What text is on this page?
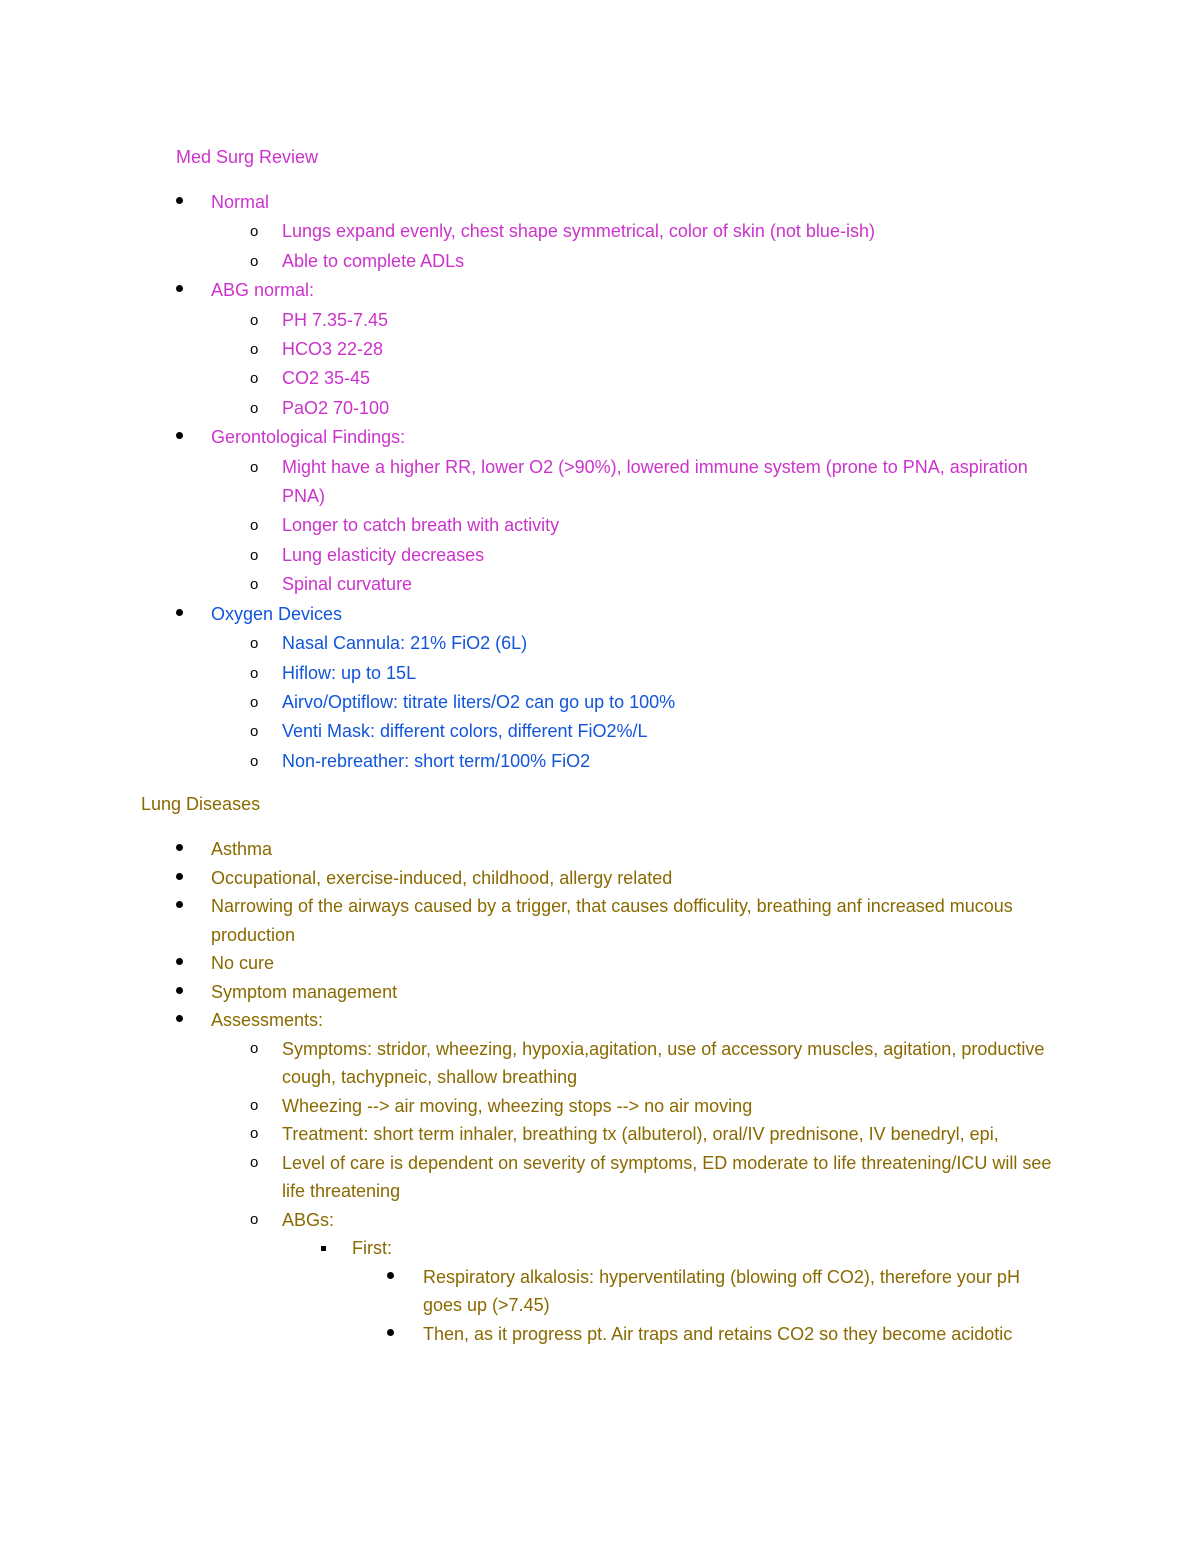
Med Surg Review
Normal
o Lungs expand evenly, chest shape symmetrical, color of skin (not blue-ish)
o Able to complete ADLs
ABG normal:
o PH 7.35-7.45
o HCO3 22-28
o CO2 35-45
o PaO2 70-100
Gerontological Findings:
o Might have a higher RR, lower O2 (>90%), lowered immune system (prone to PNA, aspiration PNA)
o Longer to catch breath with activity
o Lung elasticity decreases
o Spinal curvature
Oxygen Devices
o Nasal Cannula: 21% FiO2 (6L)
o Hiflow: up to 15L
o Airvo/Optiflow: titrate liters/O2 can go up to 100%
o Venti Mask: different colors, different FiO2%/L
o Non-rebreather: short term/100% FiO2
Lung Diseases
Asthma
Occupational, exercise-induced, childhood, allergy related
Narrowing of the airways caused by a trigger, that causes dofficulity, breathing anf increased mucous production
No cure
Symptom management
Assessments:
o Symptoms: stridor, wheezing, hypoxia,agitation, use of accessory muscles, agitation, productive cough, tachypneic, shallow breathing
o Wheezing --> air moving, wheezing stops --> no air moving
o Treatment: short term inhaler, breathing tx (albuterol), oral/IV prednisone, IV benedryl, epi,
o Level of care is dependent on severity of symptoms, ED moderate to life threatening/ICU will see life threatening
o ABGs:
First:
Respiratory alkalosis: hyperventilating (blowing off CO2), therefore your pH goes up (>7.45)
Then, as it progress pt. Air traps and retains CO2 so they become acidotic
